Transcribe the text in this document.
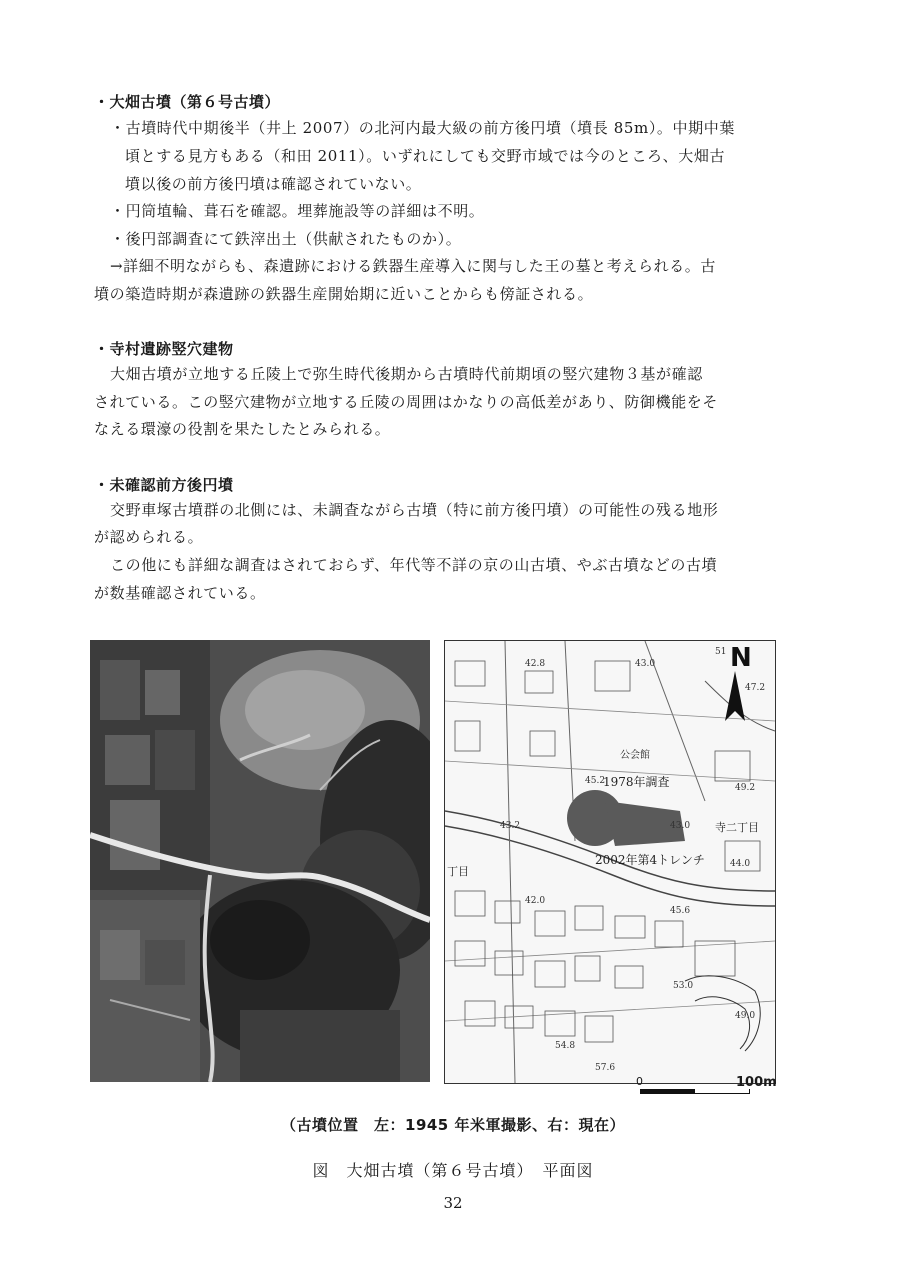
・大畑古墳（第６号古墳）
・古墳時代中期後半（井上 2007）の北河内最大級の前方後円墳（墳長 85m）。中期中葉
頃とする見方もある（和田 2011）。いずれにしても交野市域では今のところ、大畑古
墳以後の前方後円墳は確認されていない。
・円筒埴輪、葺石を確認。埋葬施設等の詳細は不明。
・後円部調査にて鉄滓出土（供献されたものか）。
→詳細不明ながらも、森遺跡における鉄器生産導入に関与した王の墓と考えられる。古
墳の築造時期が森遺跡の鉄器生産開始期に近いことからも傍証される。
・寺村遺跡竪穴建物
大畑古墳が立地する丘陵上で弥生時代後期から古墳時代前期頃の竪穴建物３基が確認
されている。この竪穴建物が立地する丘陵の周囲はかなりの高低差があり、防御機能をそ
なえる環濠の役割を果たしたとみられる。
・未確認前方後円墳
交野車塚古墳群の北側には、未調査ながら古墳（特に前方後円墳）の可能性の残る地形
が認められる。
この他にも詳細な調査はされておらず、年代等不詳の京の山古墳、やぶ古墳などの古墳
が数基確認されている。
N
1978年調査
2002年第4トレンチ
公会館
丁目
寺二丁目
42.8	43.0
47.2
45.2
49.2
43.2	43.0
44.0
42.0
45.6
53.0
49.0
54.8
57.6
51
0	100m
（古墳位置　左：1945 年米軍撮影、右：現在）
図　大畑古墳（第６号古墳）　平面図
32
